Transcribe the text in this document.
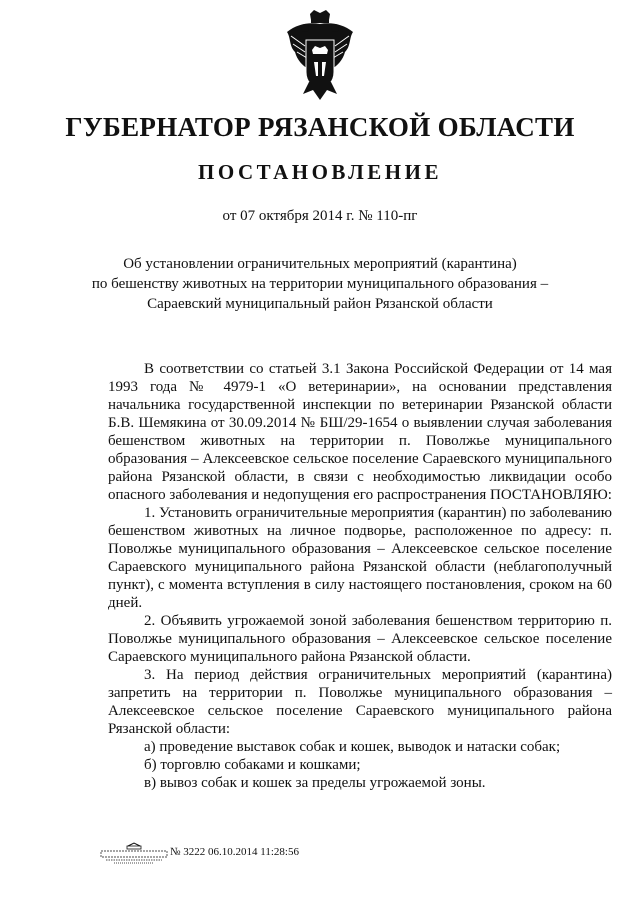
ГУБЕРНАТОР РЯЗАНСКОЙ ОБЛАСТИ
ПОСТАНОВЛЕНИЕ
от 07 октября 2014 г. № 110-пг
Об установлении ограничительных мероприятий (карантина)
по бешенству животных на территории муниципального образования –
Сараевский муниципальный район Рязанской области

В соответствии со статьей 3.1 Закона Российской Федерации от 14 мая 1993 года № 4979-1 «О ветеринарии», на основании представления начальника государственной инспекции по ветеринарии Рязанской области Б.В. Шемякина от 30.09.2014 № БШ/29-1654 о выявлении случая заболевания бешенством животных на территории п. Поволжье муниципального образования – Алексеевское сельское поселение Сараевского муниципального района Рязанской области, в связи с необходимостью ликвидации особо опасного заболевания и недопущения его распространения ПОСТАНОВЛЯЮ:

1. Установить ограничительные мероприятия (карантин) по заболеванию бешенством животных на личное подворье, расположенное по адресу: п. Поволжье муниципального образования – Алексеевское сельское поселение Сараевского муниципального района Рязанской области (неблагополучный пункт), с момента вступления в силу настоящего постановления, сроком на 60 дней.

2. Объявить угрожаемой зоной заболевания бешенством территорию п. Поволжье муниципального образования – Алексеевское сельское поселение Сараевского муниципального района Рязанской области.

3. На период действия ограничительных мероприятий (карантина) запретить на территории п. Поволжье муниципального образования – Алексеевское сельское поселение Сараевского муниципального района Рязанской области:

а) проведение выставок собак и кошек, выводок и натаски собак;

б) торговлю собаками и кошками;

в) вывоз собак и кошек за пределы угрожаемой зоны.

№ 3222 06.10.2014 11:28:56
